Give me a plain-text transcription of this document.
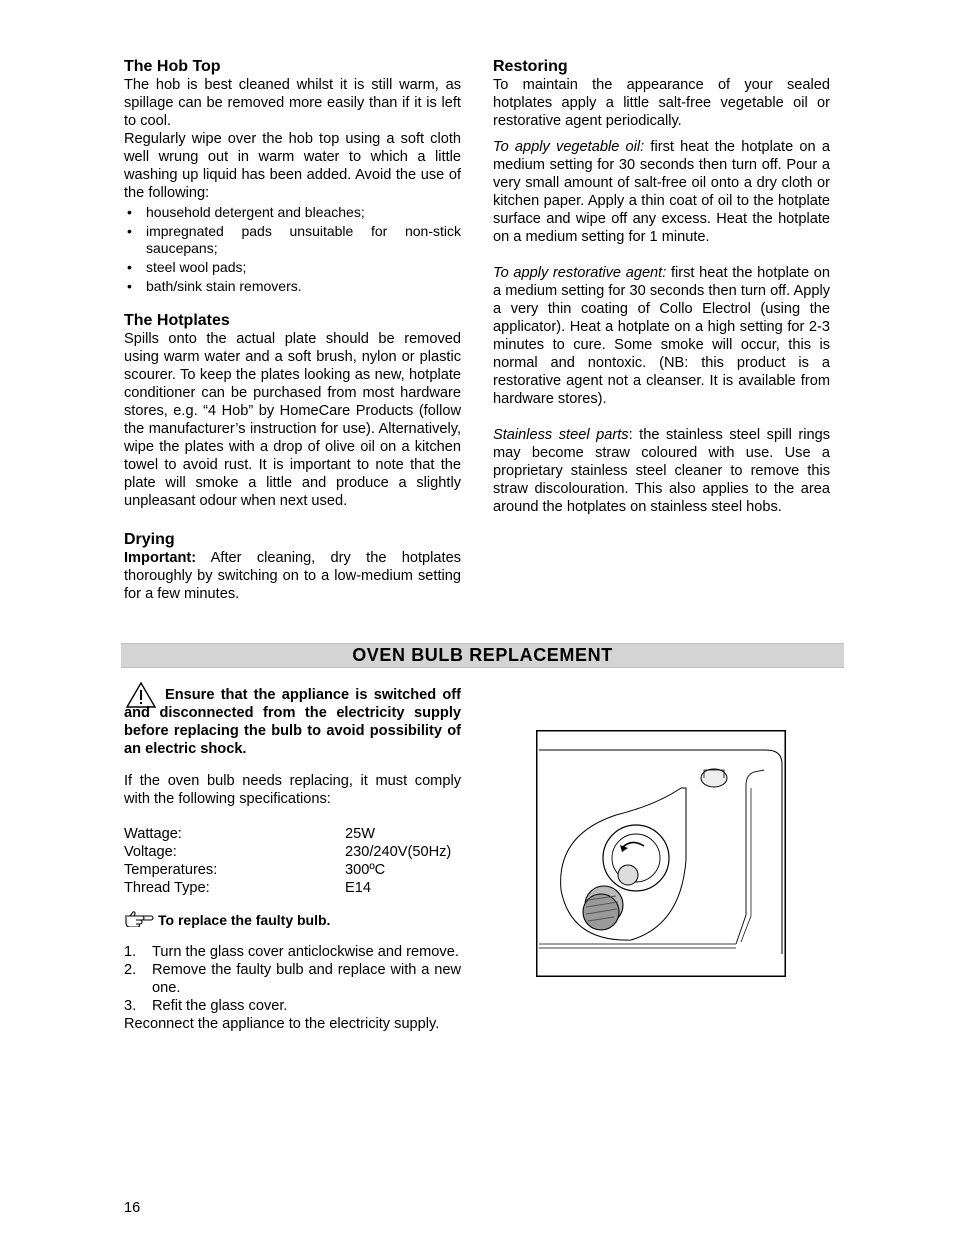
The Hob Top

The hob is best cleaned whilst it is still warm, as spillage can be removed more easily than if it is left to cool.

Regularly wipe over the hob top using a soft cloth well wrung out in warm water to which a little washing up liquid has been added. Avoid the use of the following:

• household detergent and bleaches;
• impregnated pads unsuitable for non-stick saucepans;
• steel wool pads;
• bath/sink stain removers.
The Hotplates

Spills onto the actual plate should be removed using warm water and a soft brush, nylon or plastic scourer. To keep the plates looking as new, hotplate conditioner can be purchased from most hardware stores, e.g. “4 Hob” by HomeCare Products (follow the manufacturer’s instruction for use). Alternatively, wipe the plates with a drop of olive oil on a kitchen towel to avoid rust. It is important to note that the plate will smoke a little and produce a slightly unpleasant odour when next used.

Drying

Important: After cleaning, dry the hotplates thoroughly by switching on to a low-medium setting for a few minutes.

Restoring

To maintain the appearance of your sealed hotplates apply a little salt-free vegetable oil or restorative agent periodically.

To apply vegetable oil: first heat the hotplate on a medium setting for 30 seconds then turn off. Pour a very small amount of salt-free oil onto a dry cloth or kitchen paper. Apply a thin coat of oil to the hotplate surface and wipe off any excess. Heat the hotplate on a medium setting for 1 minute.

To apply restorative agent: first heat the hotplate on a medium setting for 30 seconds then turn off. Apply a very thin coating of Collo Electrol (using the applicator). Heat a hotplate on a high setting for 2-3 minutes to cure. Some smoke will occur, this is normal and nontoxic. (NB: this product is a restorative agent not a cleanser. It is available from hardware stores).

Stainless steel parts: the stainless steel spill rings may become straw coloured with use. Use a proprietary stainless steel cleaner to remove this straw discolouration. This also applies to the area around the hotplates on stainless steel hobs.

OVEN BULB REPLACEMENT

Ensure that the appliance is switched off and disconnected from the electricity supply before replacing the bulb to avoid possibility of an electric shock.

If the oven bulb needs replacing, it must comply with the following specifications:

Wattage:	25W
Voltage:	230/240V(50Hz)
Temperatures:	300ºC
Thread Type:	E14

To replace the faulty bulb.

1.	Turn the glass cover anticlockwise and remove.
2.	Remove the faulty bulb and replace with a new one.
3.	Refit the glass cover.

Reconnect the appliance to the electricity supply.

16
